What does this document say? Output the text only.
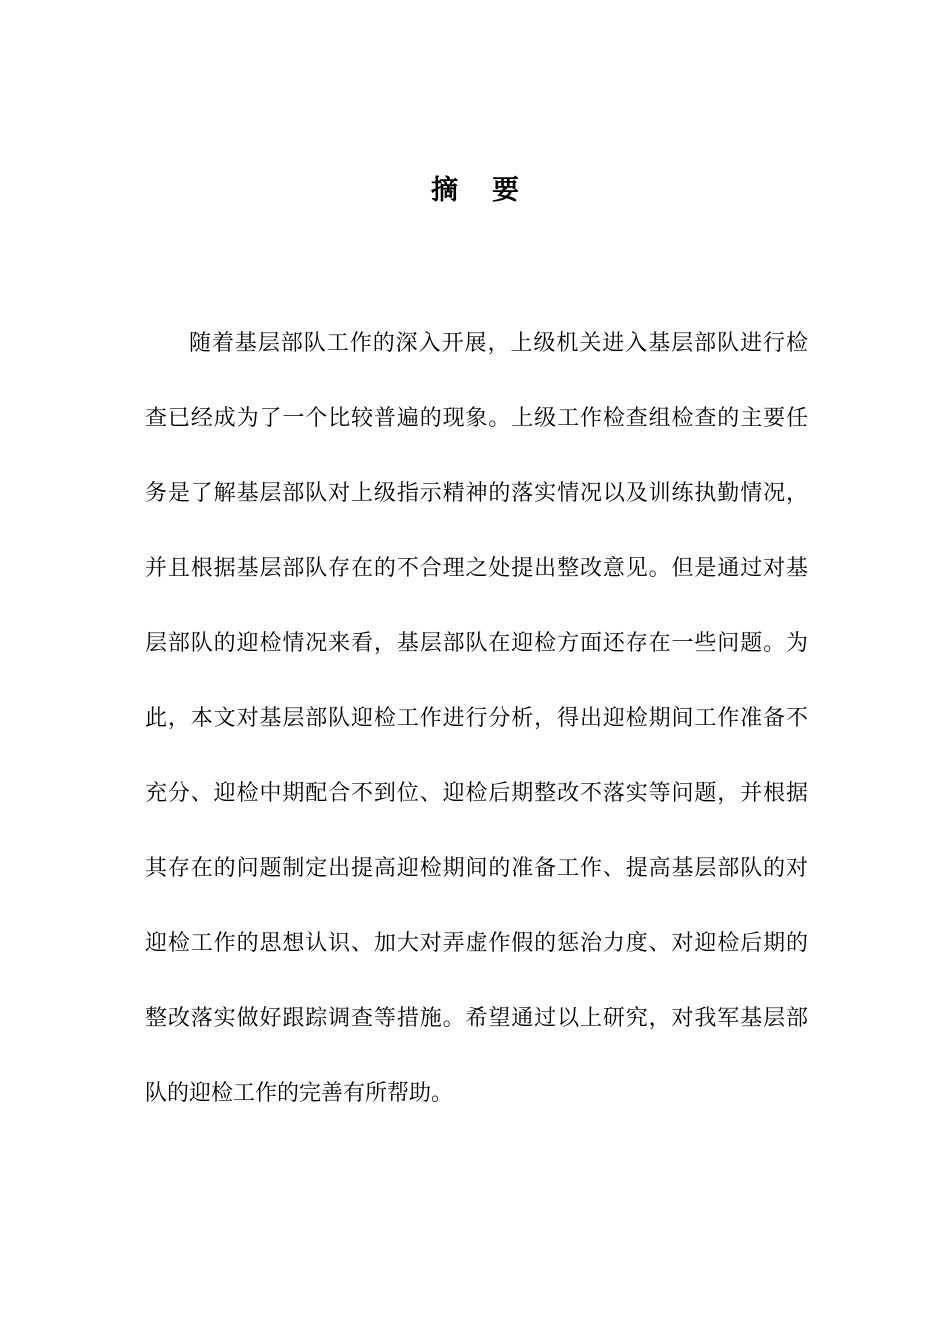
摘 要
随着基层部队工作的深入开展，上级机关进入基层部队进行检
查已经成为了一个比较普遍的现象。上级工作检查组检查的主要任
务是了解基层部队对上级指示精神的落实情况以及训练执勤情况，
并且根据基层部队存在的不合理之处提出整改意见。但是通过对基
层部队的迎检情况来看，基层部队在迎检方面还存在一些问题。为
此，本文对基层部队迎检工作进行分析，得出迎检期间工作准备不
充分、迎检中期配合不到位、迎检后期整改不落实等问题，并根据
其存在的问题制定出提高迎检期间的准备工作、提高基层部队的对
迎检工作的思想认识、加大对弄虚作假的惩治力度、对迎检后期的
整改落实做好跟踪调查等措施。希望通过以上研究，对我军基层部
队的迎检工作的完善有所帮助。
